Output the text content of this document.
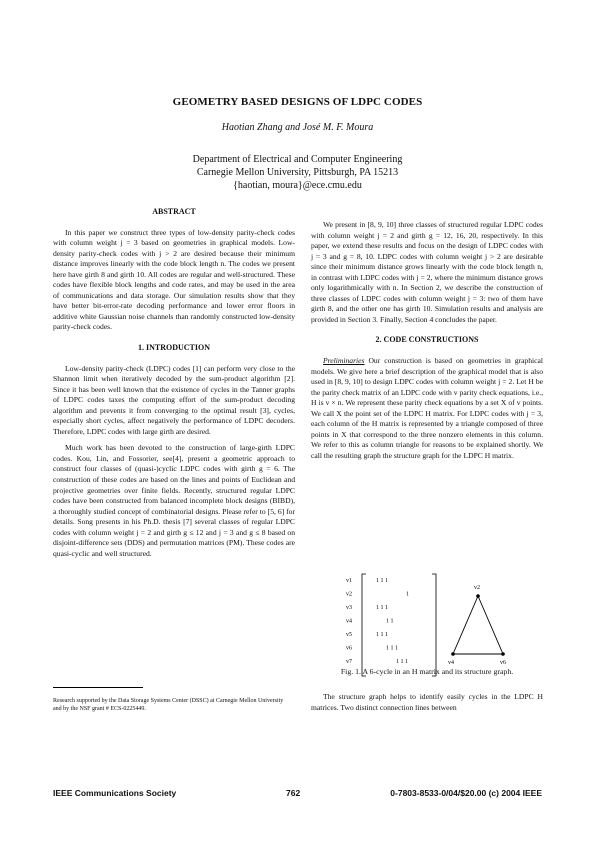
GEOMETRY BASED DESIGNS OF LDPC CODES
Haotian Zhang and José M. F. Moura
Department of Electrical and Computer Engineering
Carnegie Mellon University, Pittsburgh, PA 15213
{haotian, moura}@ece.cmu.edu
ABSTRACT

In this paper we construct three types of low-density parity-check codes with column weight j = 3 based on geometries in graphical models. Low-density parity-check codes with j > 2 are desired because their minimum distance improves linearly with the code block length n. The codes we present here have girth 8 and girth 10. All codes are regular and well-structured. These codes have flexible block lengths and code rates, and may be used in the area of communications and data storage. Our simulation results show that they have better bit-error-rate decoding performance and lower error floors in additive white Gaussian noise channels than randomly constructed low-density parity-check codes.

1. INTRODUCTION

Low-density parity-check (LDPC) codes [1] can perform very close to the Shannon limit when iteratively decoded by the sum-product algorithm [2]. Since it has been well known that the existence of cycles in the Tanner graphs of LDPC codes taxes the computing effort of the sum-product decoding algorithm and prevents it from converging to the optimal result [3], cycles, especially short cycles, affect negatively the performance of LDPC decoders. Therefore, LDPC codes with large girth are desired.

Much work has been devoted to the construction of large-girth LDPC codes. Kou, Lin, and Fossorier, see[4], present a geometric approach to construct four classes of (quasi-)cyclic LDPC codes with girth g = 6. The construction of these codes are based on the lines and points of Euclidean and projective geometries over finite fields. Recently, structured regular LDPC codes have been constructed from balanced incomplete block designs (BIBD), a thoroughly studied concept of combinatorial designs. Please refer to [5, 6] for details. Song presents in his Ph.D. thesis [7] several classes of regular LDPC codes with column weight j = 2 and girth g ≤ 12 and j = 3 and g ≤ 8 based on disjoint-difference sets (DDS) and permutation matrices (PM). These codes are quasi-cyclic and well structured.

We present in [8, 9, 10] three classes of structured regular LDPC codes with column weight j = 2 and girth g = 12, 16, 20, respectively. In this paper, we extend these results and focus on the design of LDPC codes with j = 3 and g = 8, 10. LDPC codes with column weight j > 2 are desirable since their minimum distance grows linearly with the code block length n, in contrast with LDPC codes with j = 2, where the minimum distance grows only logarithmically with n. In Section 2, we describe the construction of three classes of LDPC codes with column weight j = 3: two of them have girth 8, and the other one has girth 10. Simulation results and analysis are provided in Section 3. Finally, Section 4 concludes the paper.

2. CODE CONSTRUCTIONS

Preliminaries Our construction is based on geometries in graphical models. We give here a brief description of the graphical model that is also used in [8, 9, 10] to design LDPC codes with column weight j = 2. Let H be the parity check matrix of an LDPC code with v parity check equations, i.e., H is v × n. We represent these parity check equations by a set X of v points. We call X the point set of the LDPC H matrix. For LDPC codes with j = 3, each column of the H matrix is represented by a triangle composed of three points in X that correspond to the three nonzero elements in this column. We refer to this as column triangle for reasons to be explained shortly. We call the resulting graph the structure graph for the LDPC H matrix.

v1
v2
v3
v4
v5
v6
v7
1 1 1
1
1 1 1
1 1
1 1 1
1 1 1
1 1 1
v2
v4	v6
Fig. 1. A 6-cycle in an H matrix and its structure graph.

The structure graph helps to identify easily cycles in the LDPC H matrices. Two distinct connection lines between

Research supported by the Data Storage Systems Center (DSSC) at Carnegie Mellon University and by the NSF grant # ECS-0225449.
IEEE Communications Society	762	0-7803-8533-0/04/$20.00 (c) 2004 IEEE
